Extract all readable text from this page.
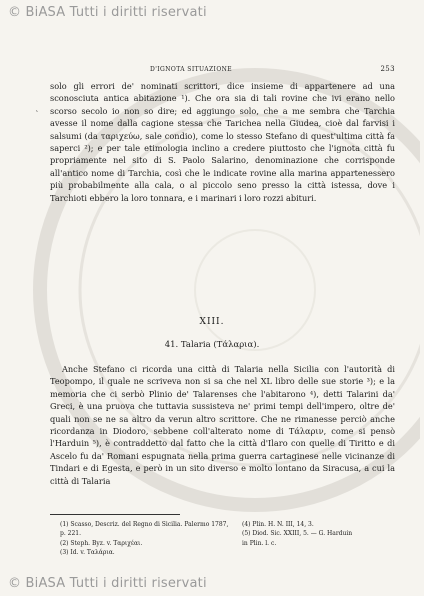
© BiASA Tutti i diritti riservati
D'IGNOTA SITUAZIONE	253
˛

solo gli errori de' nominati scrittori, dice insieme di appartenere ad una sconosciuta antica abitazione ¹). Che ora sia di tali rovine che ivi erano nello scorso secolo io non so dire; ed aggiungo solo, che a me sembra che Tarchia avesse il nome dalla cagione stessa che Tarichea nella Giudea, cioè dal farvisi i salsumi (da ταριχεύω, sale condio), come lo stesso Stefano di quest'ultima città fa saperci ²); e per tale etimologia inclino a credere piuttosto che l'ignota città fu propriamente nel sito di S. Paolo Salarino, denominazione che corrisponde all'antico nome di Tarchia, così che le indicate rovine alla marina appartenessero più probabilmente alla cala, o al piccolo seno presso la città istessa, dove i Tarchioti ebbero la loro tonnara, e i marinari i loro rozzi abituri.

XIII.
41. Talaria (Τάλαρια).

Anche Stefano ci ricorda una città di Talaria nella Sicilia con l'autorità di Teopompo, il quale ne scriveva non si sa che nel XL libro delle sue storie ³); e la memoria che ci serbò Plinio de' Talarenses che l'abitarono ⁴), detti Talarini da' Greci, è una pruova che tuttavia sussisteva ne' primi tempi dell'impero, oltre de' quali non se ne sa altro da verun altro scrittore. Che ne rimanesse perciò anche ricordanza in Diodoro, sebbene coll'alterato nome di Τάλαριν, come si pensò l'Harduin ⁵), è contraddetto dal fatto che la città d'Ilaro con quelle di Tiritto e di Ascelo fu da' Romani espugnata nella prima guerra cartaginese nelle vicinanze di Tindari e di Egesta, e però in un sito diverso e molto lontano da Siracusa, a cui la città di Talaria

(1) Scasso, Descriz. del Regno di Sicilia. Palermo 1787, p. 221.
(2) Steph. Byz. v. Ταριχέαι.
(3) Id. v. Ταλάρια.
(4) Plin. H. N. III, 14, 3.
(5) Diod. Sic. XXIII, 5. — G. Harduin
in Plin. l. c.
© BiASA Tutti i diritti riservati
